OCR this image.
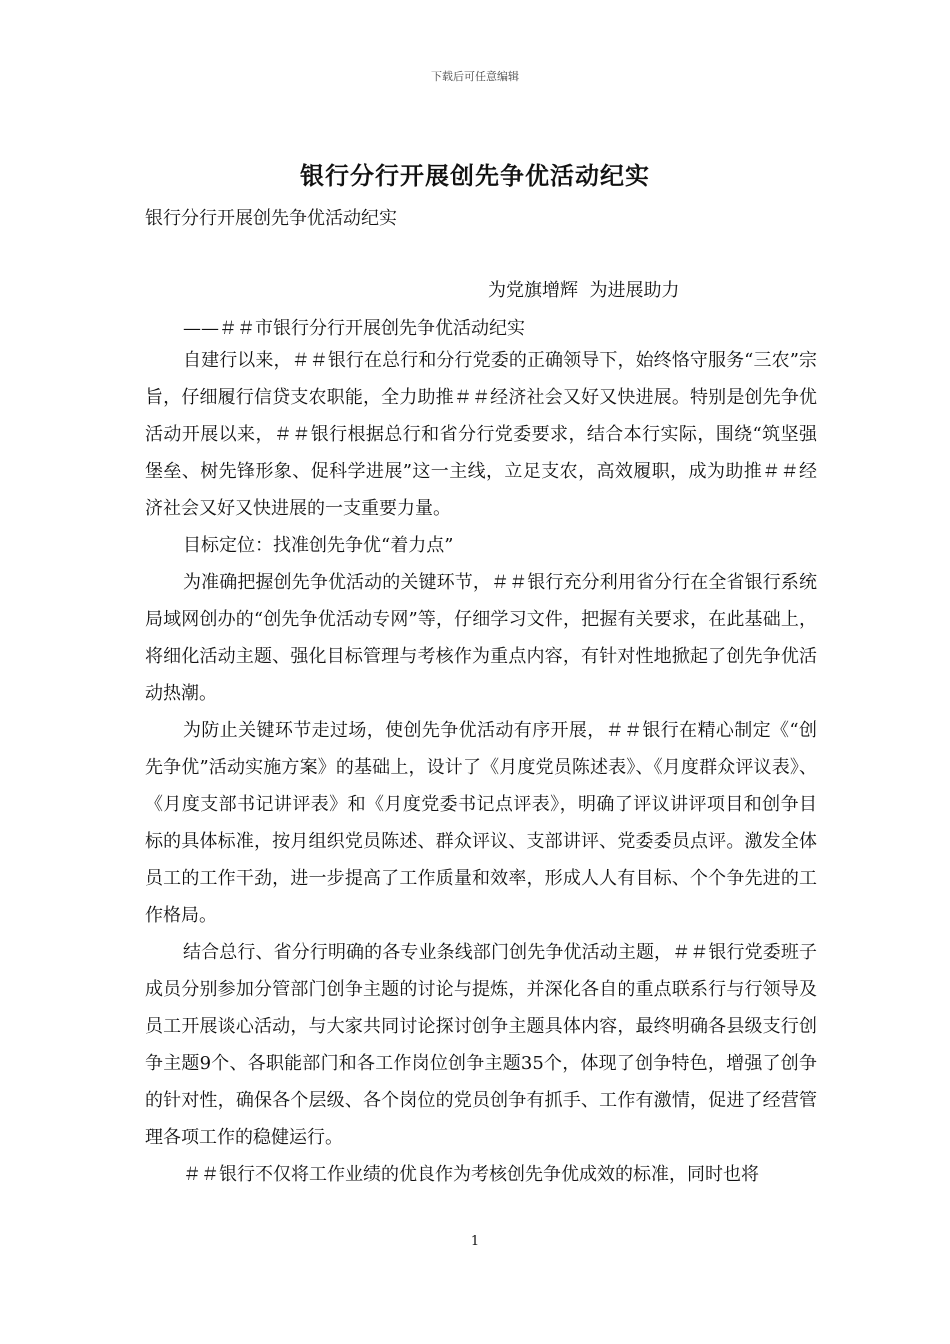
下载后可任意编辑
银行分行开展创先争优活动纪实
银行分行开展创先争优活动纪实
为党旗增辉  为进展助力
——＃＃市银行分行开展创先争优活动纪实

自建行以来，＃＃银行在总行和分行党委的正确领导下，始终恪守服务“三农”宗旨，仔细履行信贷支农职能，全力助推＃＃经济社会又好又快进展。特别是创先争优活动开展以来，＃＃银行根据总行和省分行党委要求，结合本行实际，围绕“筑坚强堡垒、树先锋形象、促科学进展”这一主线，立足支农，高效履职，成为助推＃＃经济社会又好又快进展的一支重要力量。

目标定位：找准创先争优“着力点”

为准确把握创先争优活动的关键环节，＃＃银行充分利用省分行在全省银行系统局域网创办的“创先争优活动专网”等，仔细学习文件，把握有关要求，在此基础上，将细化活动主题、强化目标管理与考核作为重点内容，有针对性地掀起了创先争优活动热潮。

为防止关键环节走过场，使创先争优活动有序开展，＃＃银行在精心制定《“创先争优”活动实施方案》的基础上，设计了《月度党员陈述表》、《月度群众评议表》、《月度支部书记讲评表》和《月度党委书记点评表》，明确了评议讲评项目和创争目标的具体标准，按月组织党员陈述、群众评议、支部讲评、党委委员点评。激发全体员工的工作干劲，进一步提高了工作质量和效率，形成人人有目标、个个争先进的工作格局。

结合总行、省分行明确的各专业条线部门创先争优活动主题，＃＃银行党委班子成员分别参加分管部门创争主题的讨论与提炼，并深化各自的重点联系行与行领导及员工开展谈心活动，与大家共同讨论探讨创争主题具体内容，最终明确各县级支行创争主题9个、各职能部门和各工作岗位创争主题35个，体现了创争特色，增强了创争的针对性，确保各个层级、各个岗位的党员创争有抓手、工作有激情，促进了经营管理各项工作的稳健运行。

＃＃银行不仅将工作业绩的优良作为考核创先争优成效的标准，同时也将

1
